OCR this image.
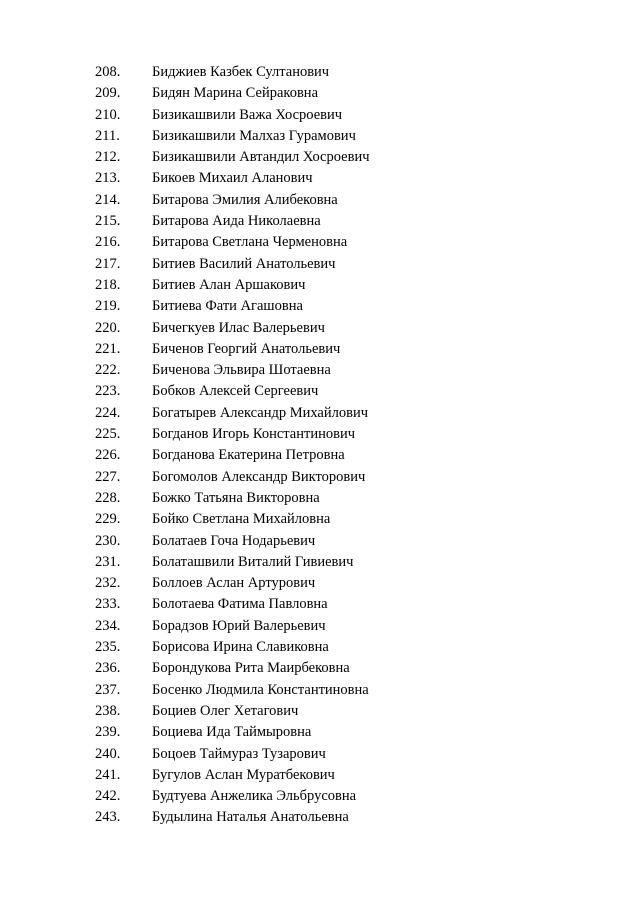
208.	Биджиев Казбек Султанович
209.	Бидян Марина Сейраковна
210.	Бизикашвили Важа Хосроевич
211.	Бизикашвили Малхаз Гурамович
212.	Бизикашвили Автандил Хосроевич
213.	Бикоев Михаил Аланович
214.	Битарова Эмилия Алибековна
215.	Битарова Аида Николаевна
216.	Битарова Светлана Черменовна
217.	Битиев Василий Анатольевич
218.	Битиев Алан Аршакович
219.	Битиева Фати Агашовна
220.	Бичегкуев Илас Валерьевич
221.	Биченов Георгий Анатольевич
222.	Биченова Эльвира Шотаевна
223.	Бобков Алексей Сергеевич
224.	Богатырев Александр Михайлович
225.	Богданов Игорь Константинович
226.	Богданова Екатерина Петровна
227.	Богомолов Александр Викторович
228.	Божко Татьяна Викторовна
229.	Бойко Светлана Михайловна
230.	Болатаев Гоча Нодарьевич
231.	Болаташвили Виталий Гивиевич
232.	Боллоев Аслан Артурович
233.	Болотаева Фатима Павловна
234.	Борадзов Юрий Валерьевич
235.	Борисова Ирина Славиковна
236.	Борондукова Рита Маирбековна
237.	Босенко Людмила Константиновна
238.	Боциев Олег Хетагович
239.	Боциева Ида Таймыровна
240.	Боцоев Таймураз Тузарович
241.	Бугулов Аслан Муратбекович
242.	Будтуева Анжелика Эльбрусовна
243.	Будылина Наталья Анатольевна
